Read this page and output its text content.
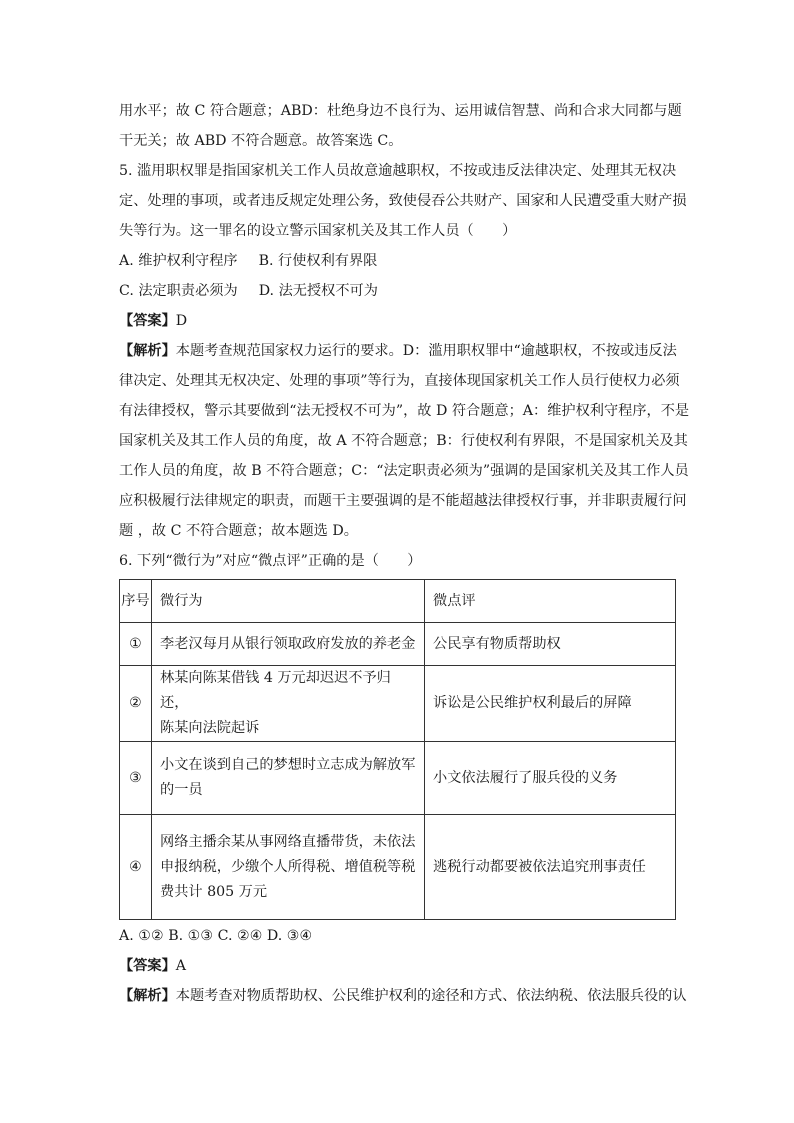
用水平；故 C 符合题意；ABD：杜绝身边不良行为、运用诚信智慧、尚和合求大同都与题
干无关；故 ABD 不符合题意。故答案选 C。
5. 滥用职权罪是指国家机关工作人员故意逾越职权，不按或违反法律决定、处理其无权决
定、处理的事项，或者违反规定处理公务，致使侵吞公共财产、国家和人民遭受重大财产损
失等行为。这一罪名的设立警示国家机关及其工作人员（　　）
A. 维护权利守程序 B. 行使权利有界限
C. 法定职责必须为 D. 法无授权不可为
【答案】D
【解析】本题考查规范国家权力运行的要求。D：滥用职权罪中“逾越职权，不按或违反法
律决定、处理其无权决定、处理的事项”等行为，直接体现国家机关工作人员行使权力必须
有法律授权，警示其要做到“法无授权不可为”，故 D 符合题意；A：维护权利守程序，不是
国家机关及其工作人员的角度，故 A 不符合题意；B：行使权利有界限，不是国家机关及其
工作人员的角度，故 B 不符合题意；C：“法定职责必须为”强调的是国家机关及其工作人员
应积极履行法律规定的职责，而题干主要强调的是不能超越法律授权行事，并非职责履行问
题 ，故 C 不符合题意；故本题选 D。
6. 下列“微行为”对应“微点评”正确的是（　　）
序号	微行为	微点评
①	李老汉每月从银行领取政府发放的养老金	公民享有物质帮助权
②	林某向陈某借钱 4 万元却迟迟不予归还，
陈某向法院起诉	诉讼是公民维护权利最后的屏障
③	小文在谈到自己的梦想时立志成为解放军
的一员	小文依法履行了服兵役的义务
④	网络主播余某从事网络直播带货，未依法
申报纳税，少缴个人所得税、增值税等税
费共计 805 万元	逃税行动都要被依法追究刑事责任
A. ①② B. ①③ C. ②④ D. ③④
【答案】A
【解析】本题考查对物质帮助权、公民维护权利的途径和方式、依法纳税、依法服兵役的认
